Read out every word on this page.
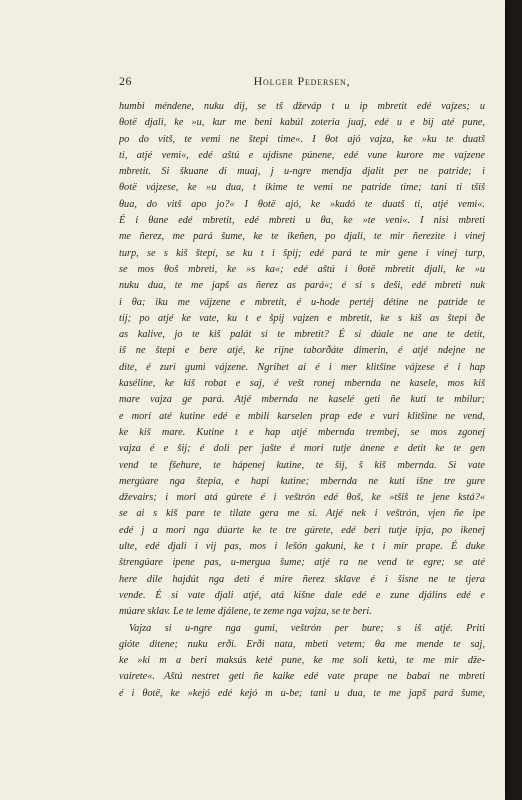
26	Holger Pedersen,
humbi méndene, nuku dij, se tš dževáp t u ip mbretit edé vajzes; u
θotë djali, ke »u, kur me beni kabúl zoteria juaj, edé u e bij até pune,
po do vitš, te vemi ne štepi time«. I θot ajó vajza, ke »ku te duatš
ti, atjé vemi«, edé aštú e ujdisne púnene, edé vune kurore me vajzene
mbretit. Si škuane di muaj, j u-ngre mendja djalit per ne patride; i
θotë vájzese, ke »u dua, t ikime te vemi ne patride time; tani ti tšiš
θua, do vitš apo jo?« I θotë ajó, ke »kudó te duatš ti, atjé vemi«.
É i θane edé mbretit, edé mbreti u θa, ke »te veni«. I nisi mbreti
me ñerez, me pará šume, ke te ikeñen, po djali, te mir ñerezite i vinej
turp, se s kiš štepí, se ku t i špij; edé pará te mir gene i vinej turp,
se mos θoš mbreti, ke »s ka«; edé aštú i θotë mbretit djali, ke »u
nuku dua, te me japš as ñerez as pará«; é si s deši, edé mbreti nuk
i θa; iku me vájzene e mbretit, é u-hode pertéj détine ne patride te
tij; po atjé ke vate, ku t e špij vajzen e mbretit, ke s kiš as štepi ðe
as kalive, jo te kiš palát si te mbretit? É si dúale ne ane te detit,
iš ne štepi e bere atjé, ke rijne taborðáte dimerin, é atjé ndejne ne
dite, é zuri gumi vájzene. Ngrihet ai é i mer klitšine vájzese é i hap
kaséline, ke kiš robat e saj, é vešt ronej mbernda ne kasele, mos kiš
mare vajza ge pará. Atjé mbernda ne kaselé geti ñe kuti te mbilur;
e mori até kutine edé e mbili karselen prap ede e vuri klitšine ne vend,
ke kiš mare. Kutine t e hap atjé mbernda trembej, se mos zgonej
vajza é e šij; é doli per jašte é mori tutje ánene e detit ke te gen
vend te fšehure, te hápenej kutine, te šij, š kiš mbernda. Si vate
mergúare nga štepia, e hapi kutine; mbernda ne kuti išne tre gure
dževairs; i mori atá gúrete é i veštrón edé θoš, ke »tšiš te jene kstá?«
se ai s kiš pare te tilate gera me si. Atjé nek i veštrón, vjen ñe ipe
edé j a mori nga dúarte ke te tre gúrete, edé beri tutje ipja, po ikenej
ulte, edé djali i vij pas, mos i lešón gakuni, ke t i mir prape. É duke
štrengúare ipene pas, u-mergua šume; atjé ra ne vend te egre; se até
here dile hajdút nga deti é mire ñerez sklave é i šisne ne te tjera
vende. É si vate djali atjé, atá kišne dale edé e zune djálins edé e
múare sklav. Le te leme djálene, te zeme nga vajza, se te beri.
Vajza si u-ngre nga gumi, veštrón per bure; s iš atjé. Priti
gióte ditene; nuku erði. Erði nata, mbeti vetem; θa me mende te saj,
ke »ki m a beri maksús keté pune, ke me soli ketú, te me mir dže-
vairete«. Aštú nestret geti ñe kaike edé vate prape ne babai ne mbreti
é i θotë, ke »kejó edé kejó m u-be; tani u dua, te me japš pará šume,
